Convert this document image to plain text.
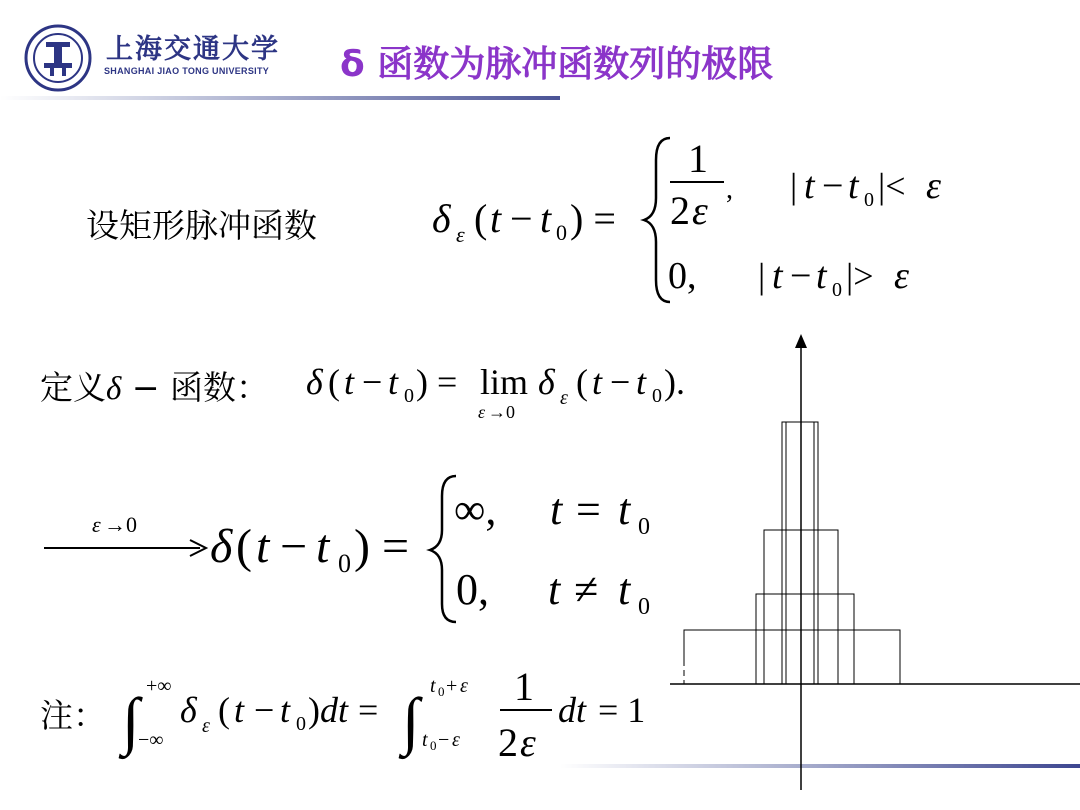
上海交通大学
SHANGHAI JIAO TONG UNIVERSITY δ 函数为脉冲函数列的极限
设矩形脉冲函数	δ ε ( t − t 0 ) =
1
2 ε , | t − t 0 |< ε
0, | t − t 0 |> ε
定义δ − 函数： δ ( t − t 0 ) = lim
ε →0
δ ε ( t − t 0 ).
ε →0 δ ( t − t 0 ) =
∞, t = t 0
0, t ≠ t 0
注： ∫ +∞
−∞
δ ε ( t − t 0 ) dt = ∫ t 0 + ε
t 0 − ε
1
2 ε
dt = 1
